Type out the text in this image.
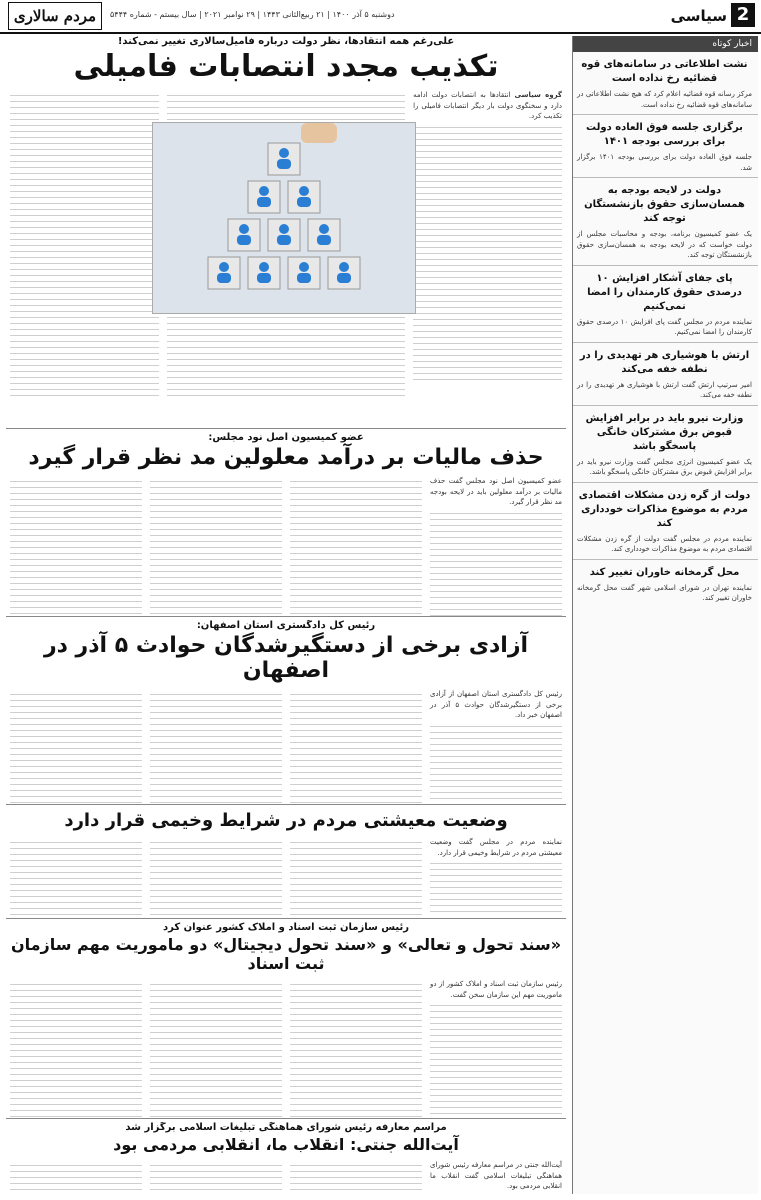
2
سیاسی
دوشنبه ۵ آذر ۱۴۰۰ | ۲۱ ربیع‌الثانی ۱۴۴۳ | ۲۹ نوامبر ۲۰۲۱ | سال بیستم - شماره ۵۴۴۴
مردم سالاری
اخبار کوتاه
نشت اطلاعاتی در سامانه‌های قوه قضائیه رخ نداده است
مرکز رسانه قوه قضائیه اعلام کرد که هیچ نشت اطلاعاتی در سامانه‌های قوه قضائیه رخ نداده است.
برگزاری جلسه فوق العاده دولت برای بررسی بودجه ۱۴۰۱
جلسه فوق العاده دولت برای بررسی بودجه ۱۴۰۱ برگزار شد.
دولت در لایحه بودجه به همسان‌سازی حقوق بازنشستگان توجه کند
یک عضو کمیسیون برنامه، بودجه و محاسبات مجلس از دولت خواست که در لایحه بودجه به همسان‌سازی حقوق بازنشستگان توجه کند.
پای جفای آشکار افزایش ۱۰ درصدی حقوق کارمندان را امضا نمی‌کنیم
نماینده مردم در مجلس گفت پای افزایش ۱۰ درصدی حقوق کارمندان را امضا نمی‌کنیم.
ارتش با هوشیاری هر تهدیدی را در نطفه خفه می‌کند
امیر سرتیپ ارتش گفت ارتش با هوشیاری هر تهدیدی را در نطفه خفه می‌کند.
وزارت نیرو باید در برابر افزایش قبوض برق مشترکان خانگی پاسخگو باشد
یک عضو کمیسیون انرژی مجلس گفت وزارت نیرو باید در برابر افزایش قبوض برق مشترکان خانگی پاسخگو باشد.
دولت از گره زدن مشکلات اقتصادی مردم به موضوع مذاکرات خودداری کند
نماینده مردم در مجلس گفت دولت از گره زدن مشکلات اقتصادی مردم به موضوع مذاکرات خودداری کند.
محل گرمخانه خاوران تغییر کند
نماینده تهران در شورای اسلامی شهر گفت محل گرمخانه خاوران تغییر کند.
علی‌رغم همه انتقادها، نظر دولت درباره فامیل‌سالاری تغییر نمی‌کند!
تکذیب مجدد انتصابات فامیلی
گروه سیاسی انتقادها به انتصابات دولت ادامه دارد و سخنگوی دولت بار دیگر انتصابات فامیلی را تکذیب کرد.
عضو کمیسیون اصل نود مجلس:
حذف مالیات بر درآمد معلولین مد نظر قرار گیرد
عضو کمیسیون اصل نود مجلس گفت حذف مالیات بر درآمد معلولین باید در لایحه بودجه مد نظر قرار گیرد.
رئیس کل دادگستری استان اصفهان:
آزادی برخی از دستگیرشدگان حوادث ۵ آذر در اصفهان
رئیس کل دادگستری استان اصفهان از آزادی برخی از دستگیرشدگان حوادث ۵ آذر در اصفهان خبر داد.
وضعیت معیشتی مردم در شرایط وخیمی قرار دارد
نماینده مردم در مجلس گفت وضعیت معیشتی مردم در شرایط وخیمی قرار دارد.
رئیس سازمان ثبت اسناد و املاک کشور عنوان کرد
«سند تحول و تعالی» و «سند تحول دیجیتال» دو ماموریت مهم سازمان ثبت اسناد
رئیس سازمان ثبت اسناد و املاک کشور از دو ماموریت مهم این سازمان سخن گفت.
مراسم معارفه رئیس شورای هماهنگی تبلیغات اسلامی برگزار شد
آیت‌الله جنتی: انقلاب ما، انقلابی مردمی بود
آیت‌الله جنتی در مراسم معارفه رئیس شورای هماهنگی تبلیغات اسلامی گفت انقلاب ما انقلابی مردمی بود.
